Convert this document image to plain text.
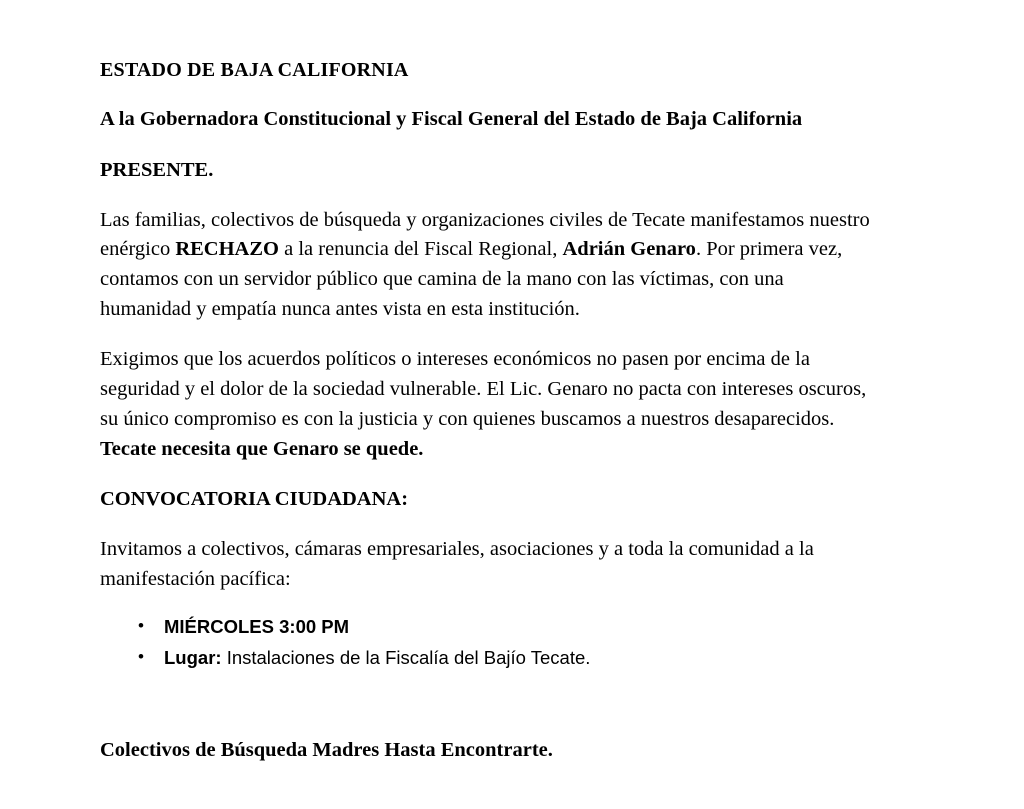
ESTADO DE BAJA CALIFORNIA

A la Gobernadora Constitucional y Fiscal General del Estado de Baja California

PRESENTE.

Las familias, colectivos de búsqueda y organizaciones civiles de Tecate manifestamos nuestro enérgico RECHAZO a la renuncia del Fiscal Regional, Adrián Genaro. Por primera vez, contamos con un servidor público que camina de la mano con las víctimas, con una humanidad y empatía nunca antes vista en esta institución.

Exigimos que los acuerdos políticos o intereses económicos no pasen por encima de la seguridad y el dolor de la sociedad vulnerable. El Lic. Genaro no pacta con intereses oscuros, su único compromiso es con la justicia y con quienes buscamos a nuestros desaparecidos. Tecate necesita que Genaro se quede.

CONVOCATORIA CIUDADANA:

Invitamos a colectivos, cámaras empresariales, asociaciones y a toda la comunidad a la manifestación pacífica:

• MIÉRCOLES 3:00 PM
• Lugar: Instalaciones de la Fiscalía del Bajío Tecate.

Colectivos de Búsqueda Madres Hasta Encontrarte.
